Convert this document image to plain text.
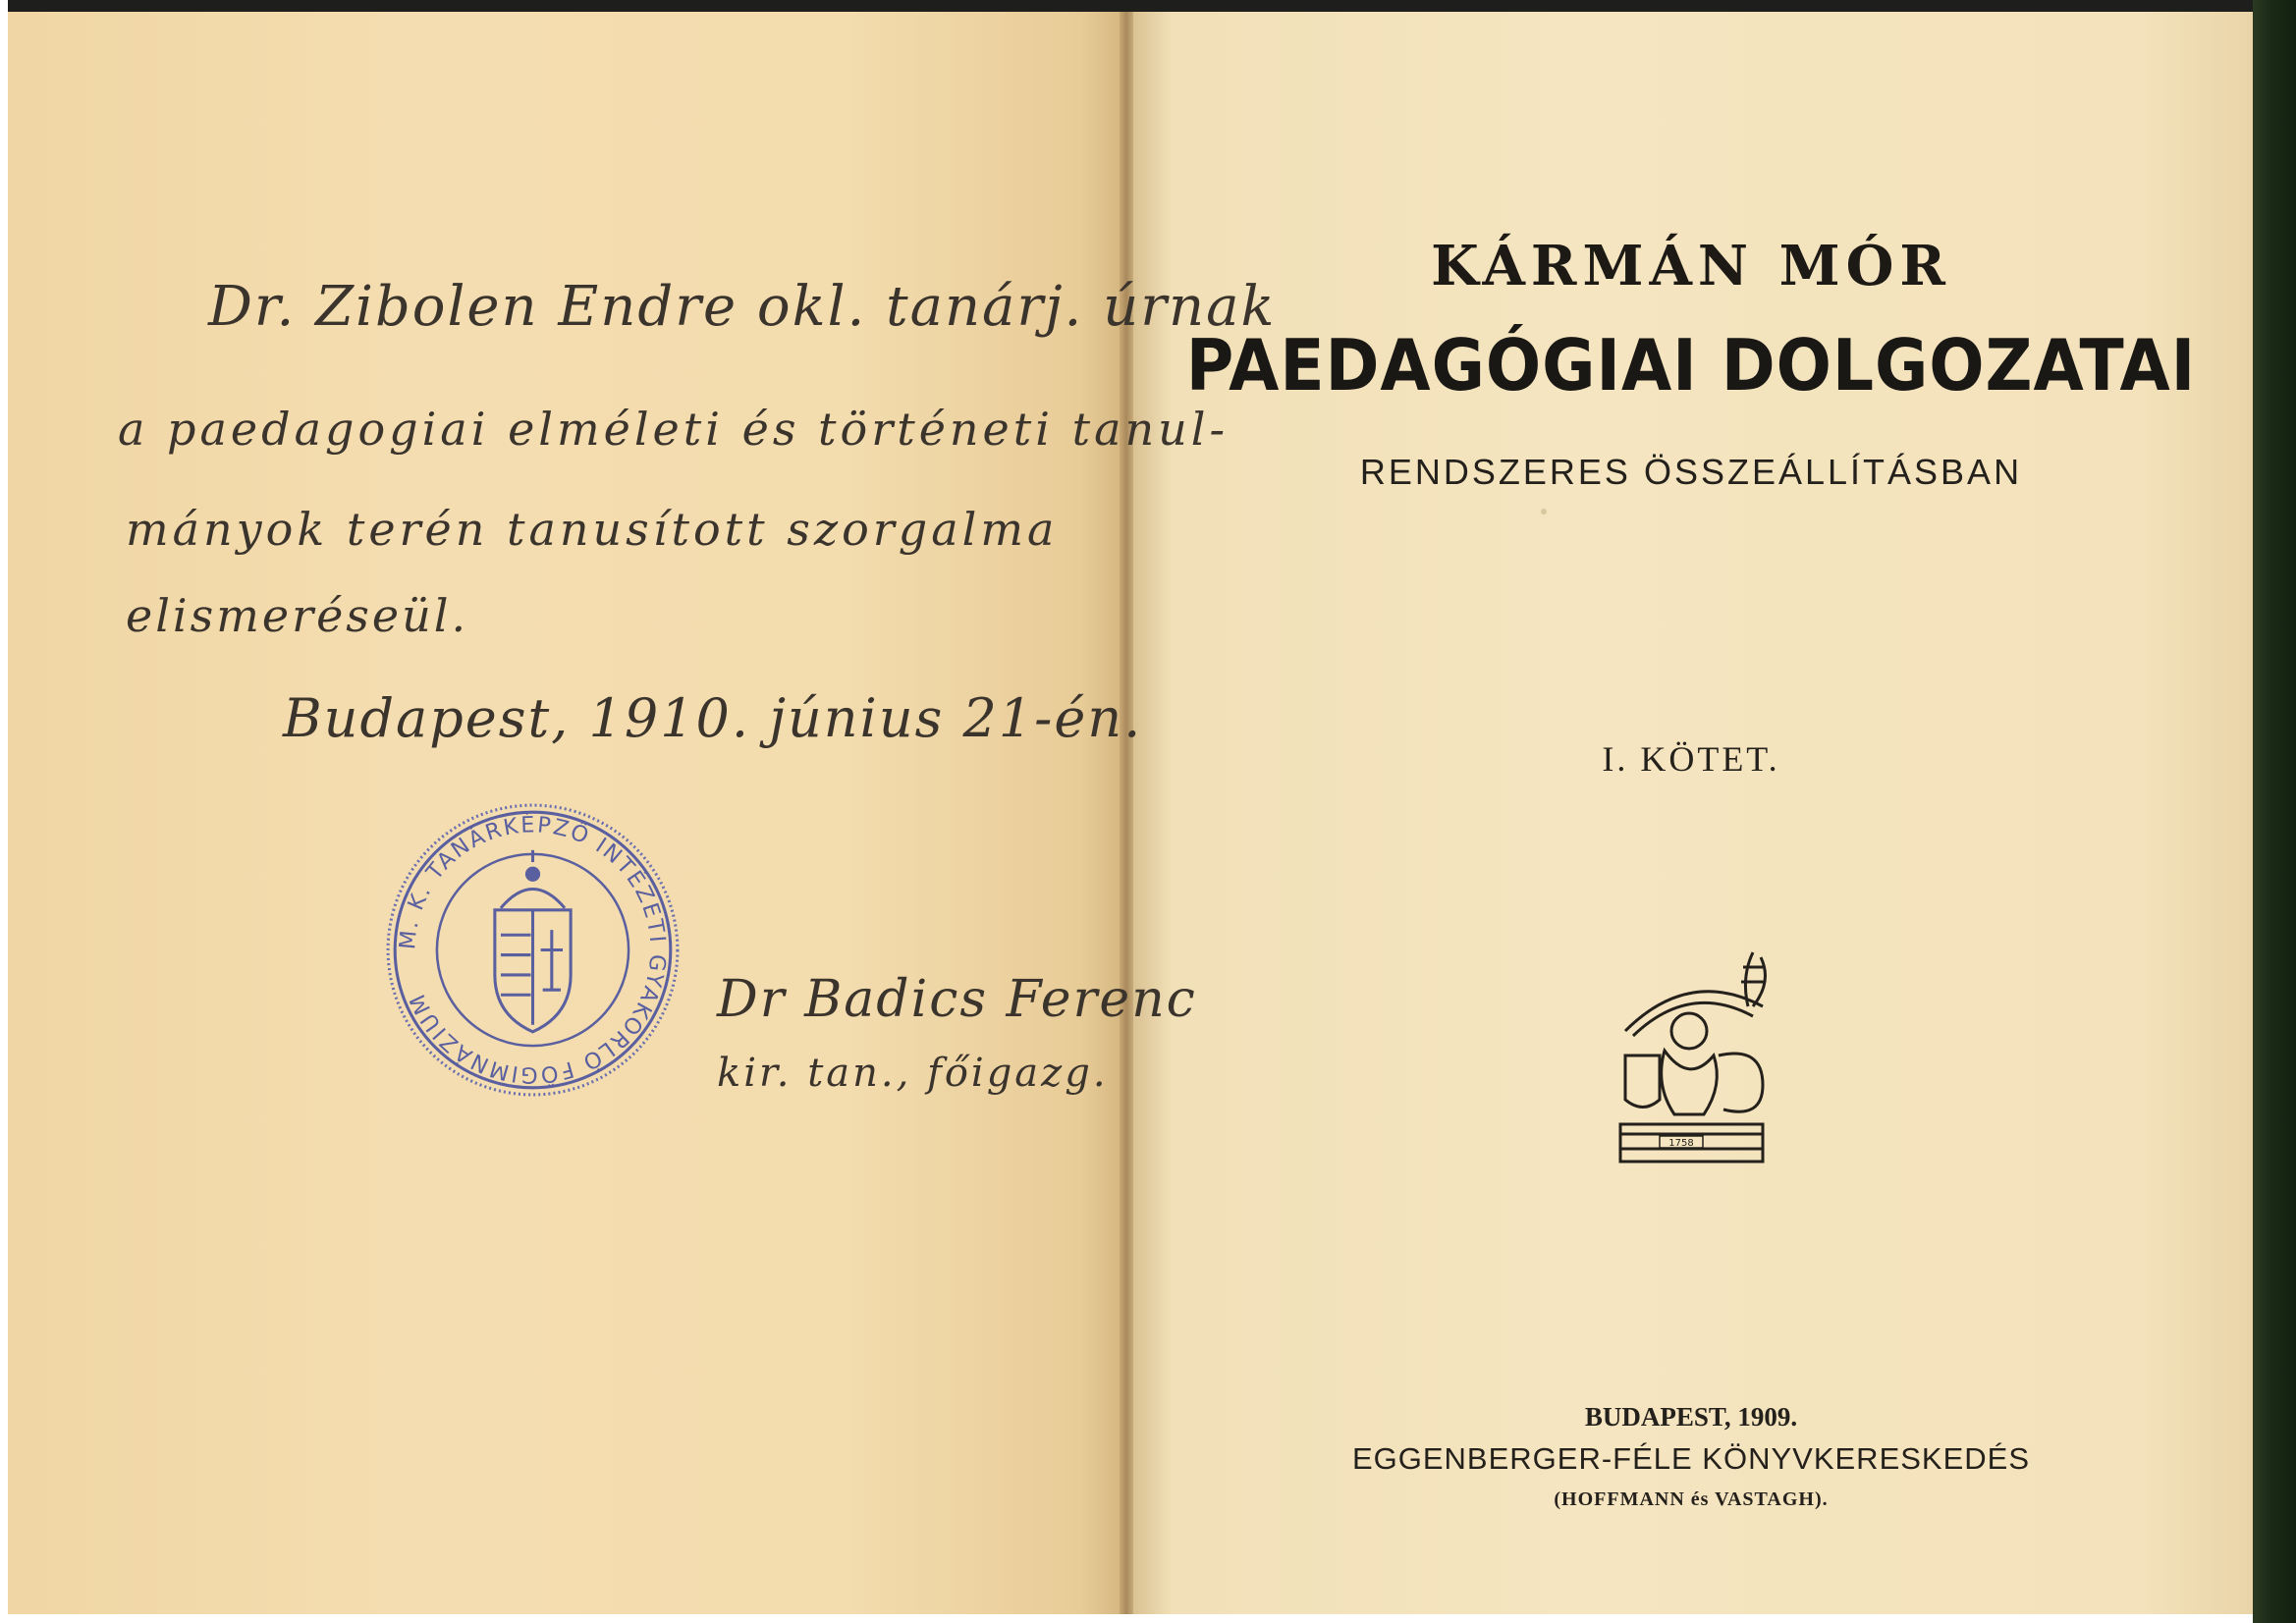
Dr. Zibolen Endre okl. tanárj. úrnak
a paedagogiai elméleti és történeti tanul-
mányok terén tanusított szorgalma
elismeréseül.
Budapest, 1910. június 21-én.
M. K. TANÁRKÉPZŐ INTÉZETI GYAKORLÓ FŐGIMNÁZIUM	Dr Badics Ferenc
kir. tan., főigazg.
KÁRMÁN MÓR
PAEDAGÓGIAI DOLGOZATAI
RENDSZERES ÖSSZEÁLLÍTÁSBAN
I. KÖTET.
1758
BUDAPEST, 1909.
EGGENBERGER-FÉLE KÖNYVKERESKEDÉS
(HOFFMANN és VASTAGH).
